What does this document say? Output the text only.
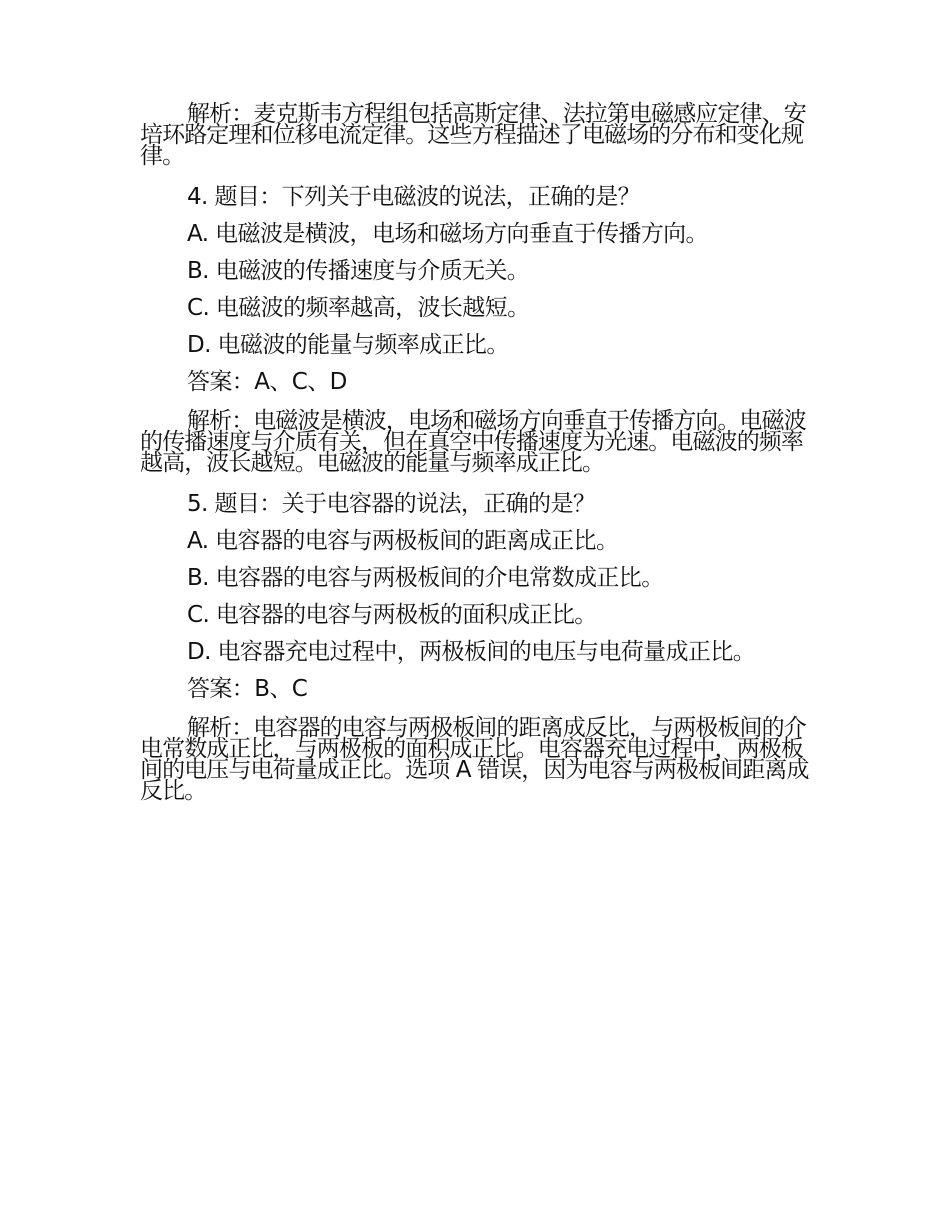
解析：麦克斯韦方程组包括高斯定律、法拉第电磁感应定律、安培环路定理和位移电流定律。这些方程描述了电磁场的分布和变化规律。

4. 题目：下列关于电磁波的说法，正确的是？

A. 电磁波是横波，电场和磁场方向垂直于传播方向。

B. 电磁波的传播速度与介质无关。

C. 电磁波的频率越高，波长越短。

D. 电磁波的能量与频率成正比。

答案：A、C、D

解析：电磁波是横波，电场和磁场方向垂直于传播方向。电磁波的传播速度与介质有关，但在真空中传播速度为光速。电磁波的频率越高，波长越短。电磁波的能量与频率成正比。

5. 题目：关于电容器的说法，正确的是？

A. 电容器的电容与两极板间的距离成正比。

B. 电容器的电容与两极板间的介电常数成正比。

C. 电容器的电容与两极板的面积成正比。

D. 电容器充电过程中，两极板间的电压与电荷量成正比。

答案：B、C

解析：电容器的电容与两极板间的距离成反比，与两极板间的介电常数成正比，与两极板的面积成正比。电容器充电过程中，两极板间的电压与电荷量成正比。选项 A 错误，因为电容与两极板间距离成反比。
